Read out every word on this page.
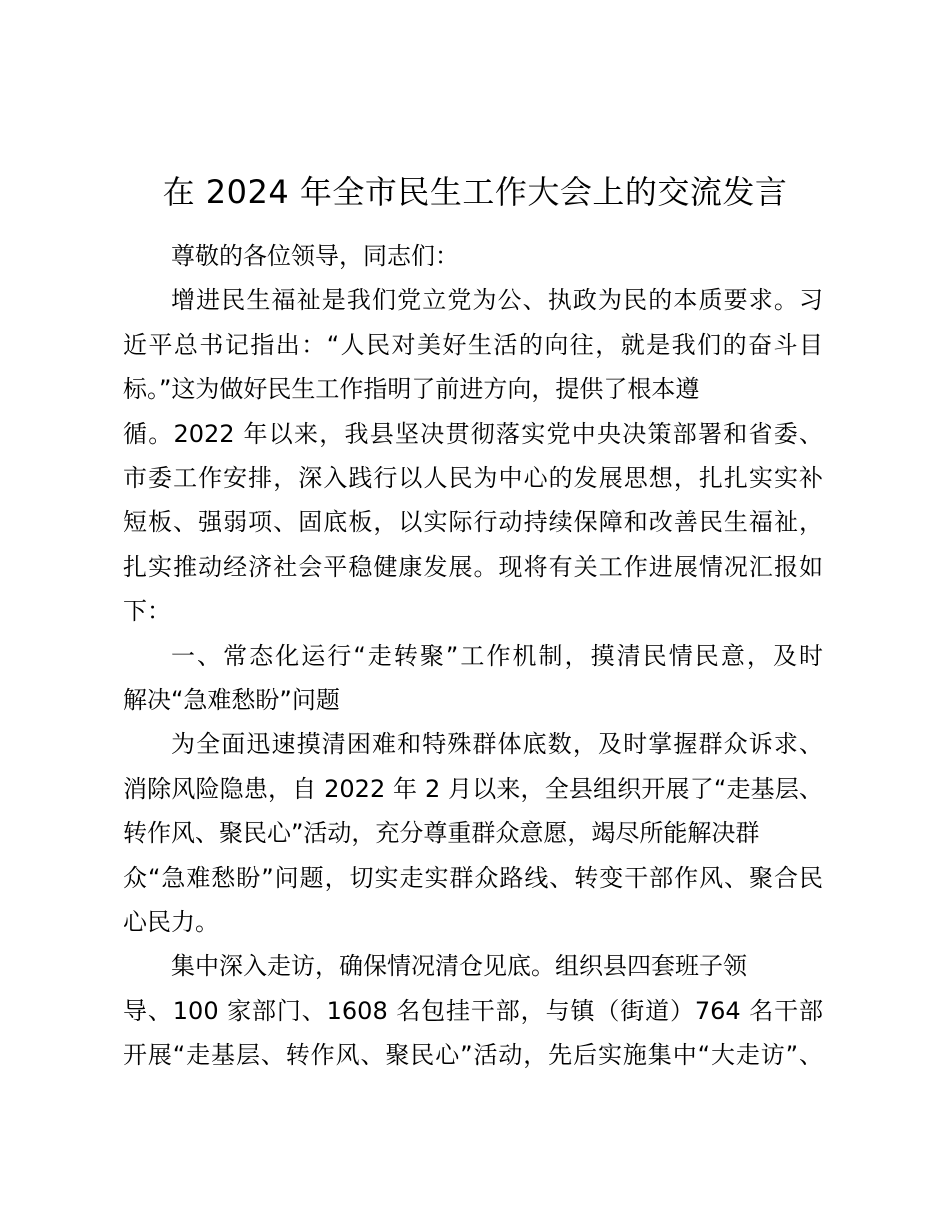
在 2024 年全市民生工作大会上的交流发言
尊敬的各位领导，同志们：
增进民生福祉是我们党立党为公、执政为民的本质要求。习
近平总书记指出：“人民对美好生活的向往，就是我们的奋斗目
标。”这为做好民生工作指明了前进方向，提供了根本遵
循。2022 年以来，我县坚决贯彻落实党中央决策部署和省委、
市委工作安排，深入践行以人民为中心的发展思想，扎扎实实补
短板、强弱项、固底板，以实际行动持续保障和改善民生福祉，
扎实推动经济社会平稳健康发展。现将有关工作进展情况汇报如
下：
一、常态化运行“走转聚”工作机制，摸清民情民意，及时
解决“急难愁盼”问题
为全面迅速摸清困难和特殊群体底数，及时掌握群众诉求、
消除风险隐患，自 2022 年 2 月以来，全县组织开展了“走基层、
转作风、聚民心”活动，充分尊重群众意愿，竭尽所能解决群
众“急难愁盼”问题，切实走实群众路线、转变干部作风、聚合民
心民力。
集中深入走访，确保情况清仓见底。组织县四套班子领
导、100 家部门、1608 名包挂干部，与镇（街道）764 名干部
开展“走基层、转作风、聚民心”活动，先后实施集中“大走访”、
